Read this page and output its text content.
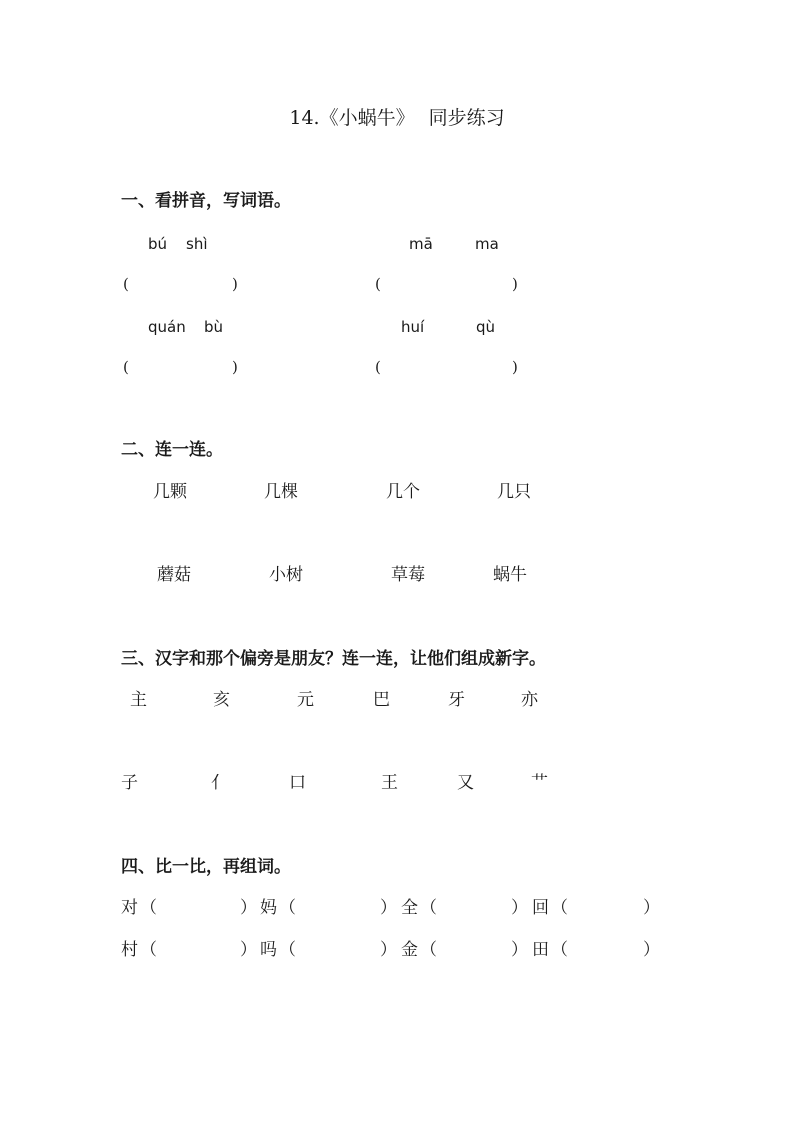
14.《小蜗牛》 同步练习
一、看拼音，写词语。
bú shì	mā	ma
(	)	(	)
quán bù	huí	qù
(	)	(	)
二、连一连。
几颗	几棵	几个	几只
蘑菇	小树	草莓	蜗牛
三、汉字和那个偏旁是朋友？连一连，让他们组成新字。
主	亥	元	巴	牙	亦
子	亻	口	王	又	艹
四、比一比，再组词。
对 （	） 妈 （	） 全 （	） 回 （	）
村 （	） 吗 （	） 金 （	） 田 （	）
